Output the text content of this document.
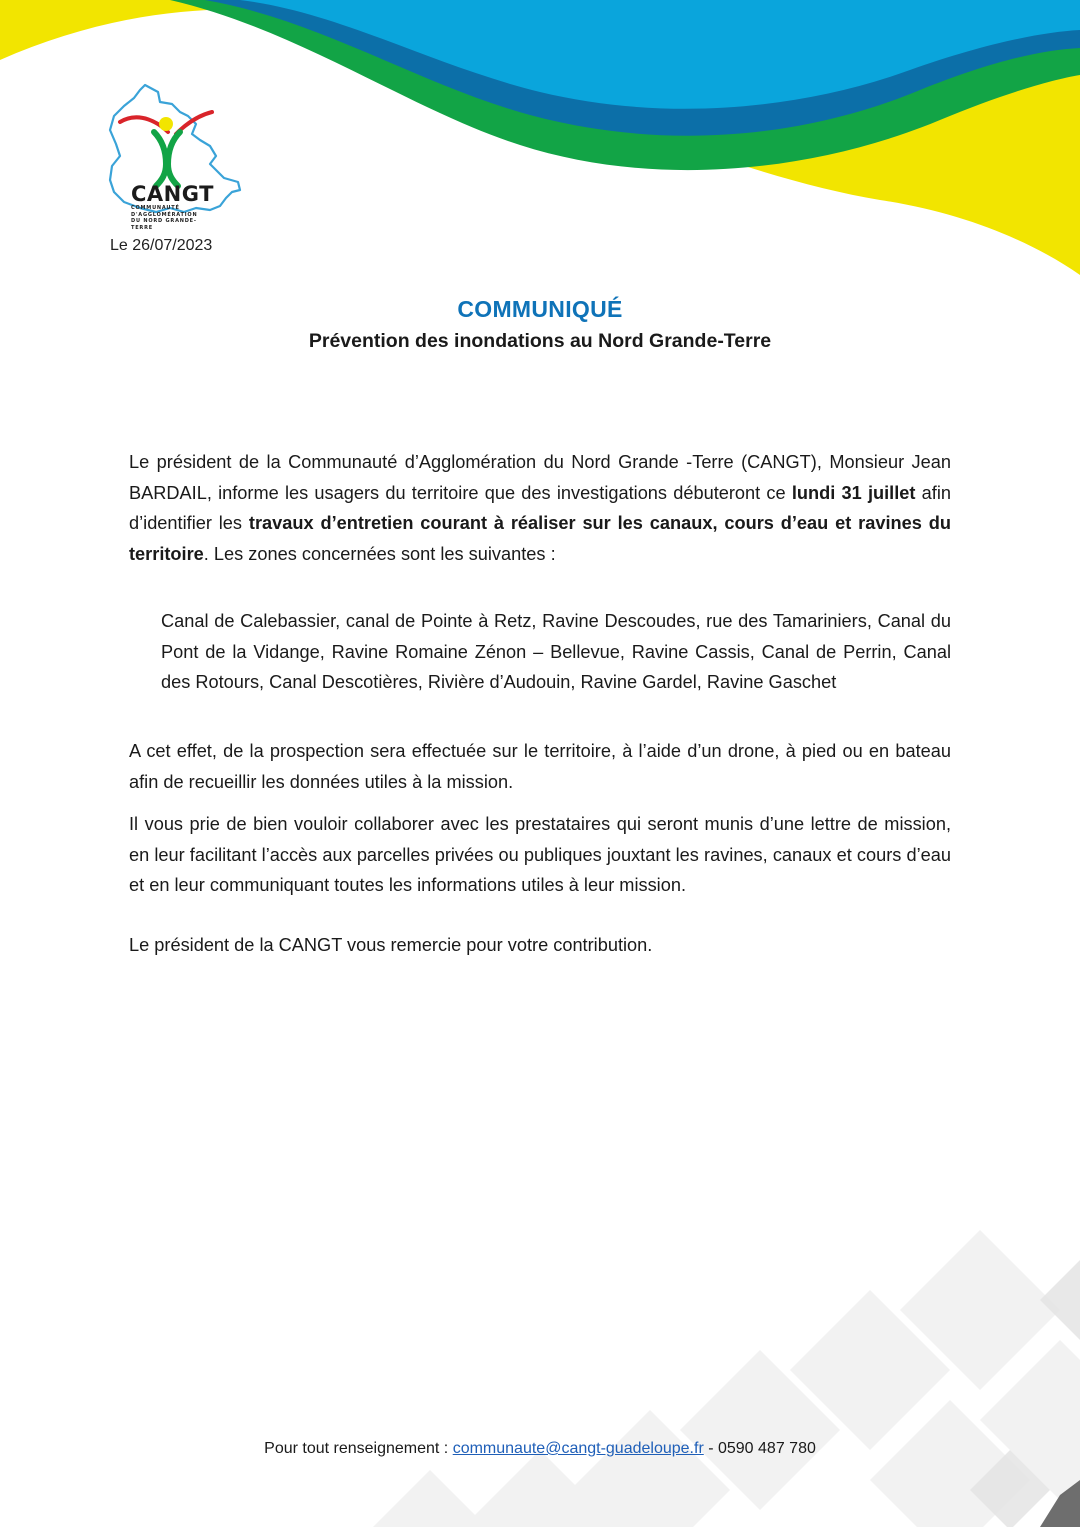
CANGT
COMMUNAUTÉ
D'AGGLOMÉRATION
DU NORD GRANDE-TERRE
Le 26/07/2023
COMMUNIQUÉ
Prévention des inondations au Nord Grande-Terre
Le président de la Communauté d’Agglomération du Nord Grande -Terre (CANGT), Monsieur Jean BARDAIL, informe les usagers du territoire que des investigations débuteront ce lundi 31 juillet afin d’identifier les travaux d’entretien courant à réaliser sur les canaux, cours d’eau et ravines du territoire. Les zones concernées sont les suivantes :
Canal de Calebassier, canal de Pointe à Retz, Ravine Descoudes, rue des Tamariniers, Canal du Pont de la Vidange, Ravine Romaine Zénon – Bellevue, Ravine Cassis, Canal de Perrin, Canal des Rotours, Canal Descotières, Rivière d’Audouin, Ravine Gardel, Ravine Gaschet
A cet effet, de la prospection sera effectuée sur le territoire, à l’aide d’un drone, à pied ou en bateau afin de recueillir les données utiles à la mission.
Il vous prie de bien vouloir collaborer avec les prestataires qui seront munis d’une lettre de mission, en leur facilitant l’accès aux parcelles privées ou publiques jouxtant les ravines, canaux et cours d’eau et en leur communiquant toutes les informations utiles à leur mission.
Le président de la CANGT vous remercie pour votre contribution.
Pour tout renseignement : communaute@cangt-guadeloupe.fr - 0590 487 780
